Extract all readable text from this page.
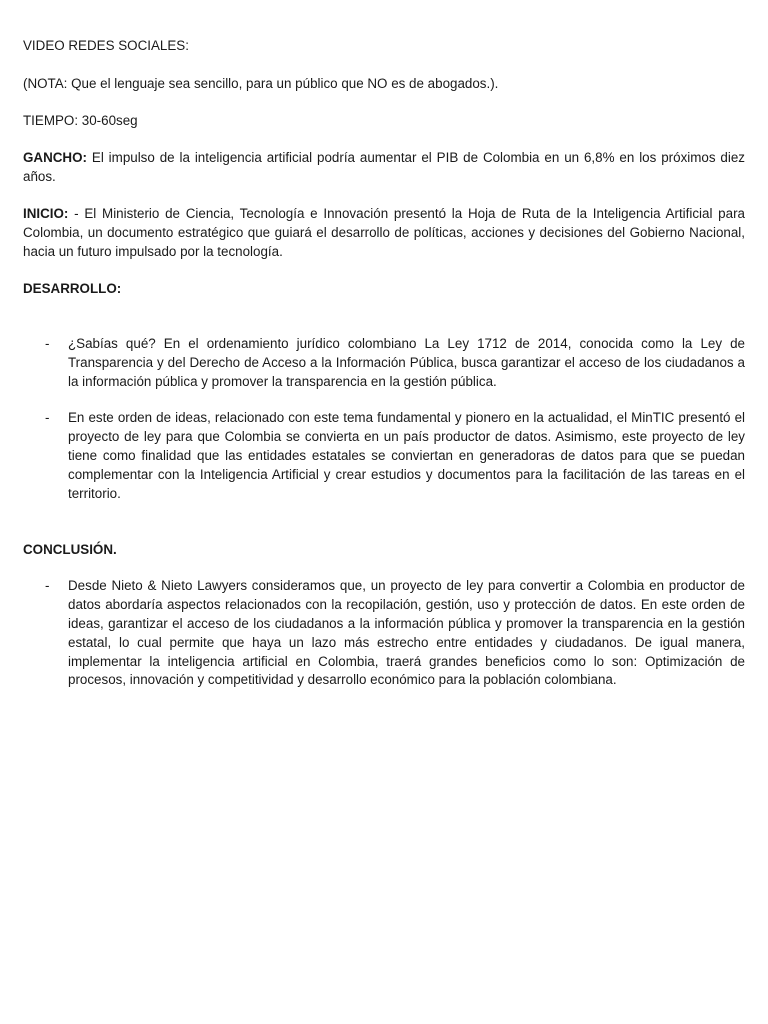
VIDEO REDES SOCIALES:

(NOTA: Que el lenguaje sea sencillo, para un público que NO es de abogados.).

TIEMPO: 30-60seg

GANCHO: El impulso de la inteligencia artificial podría aumentar el PIB de Colombia en un 6,8% en los próximos diez años.

INICIO: - El Ministerio de Ciencia, Tecnología e Innovación presentó la Hoja de Ruta de la Inteligencia Artificial para Colombia, un documento estratégico que guiará el desarrollo de políticas, acciones y decisiones del Gobierno Nacional, hacia un futuro impulsado por la tecnología.

DESARROLLO:

- ¿Sabías qué? En el ordenamiento jurídico colombiano La Ley 1712 de 2014, conocida como la Ley de Transparencia y del Derecho de Acceso a la Información Pública, busca garantizar el acceso de los ciudadanos a la información pública y promover la transparencia en la gestión pública.
- En este orden de ideas, relacionado con este tema fundamental y pionero en la actualidad, el MinTIC presentó el proyecto de ley para que Colombia se convierta en un país productor de datos. Asimismo, este proyecto de ley tiene como finalidad que las entidades estatales se conviertan en generadoras de datos para que se puedan complementar con la Inteligencia Artificial y crear estudios y documentos para la facilitación de las tareas en el territorio.

CONCLUSIÓN.

- Desde Nieto & Nieto Lawyers consideramos que, un proyecto de ley para convertir a Colombia en productor de datos abordaría aspectos relacionados con la recopilación, gestión, uso y protección de datos. En este orden de ideas, garantizar el acceso de los ciudadanos a la información pública y promover la transparencia en la gestión estatal, lo cual permite que haya un lazo más estrecho entre entidades y ciudadanos. De igual manera, implementar la inteligencia artificial en Colombia, traerá grandes beneficios como lo son: Optimización de procesos, innovación y competitividad y desarrollo económico para la población colombiana.
